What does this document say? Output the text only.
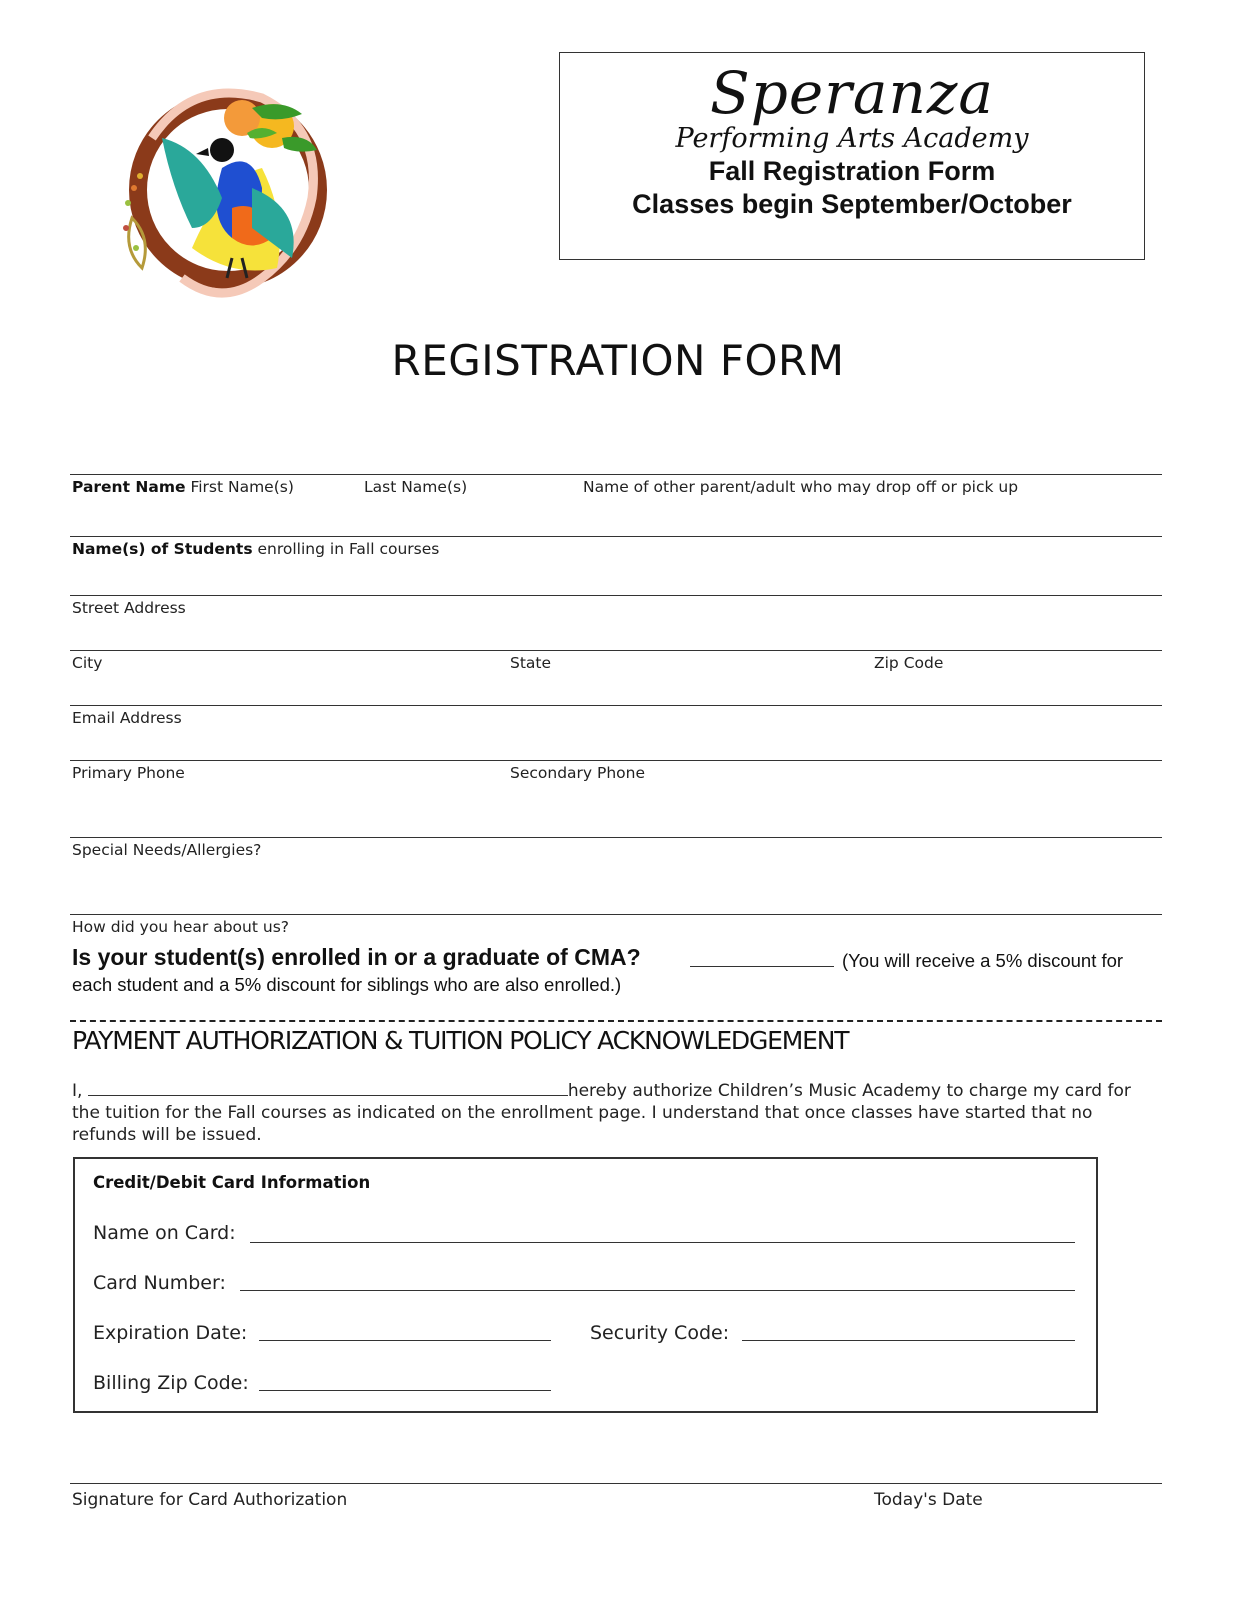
Speranza
Performing Arts Academy
Fall Registration Form
Classes begin September/October
REGISTRATION FORM
Parent Name First Name(s)	Last Name(s)	Name of other parent/adult who may drop off or pick up
Name(s) of Students enrolling in Fall courses
Street Address
City	State	Zip Code
Email Address
Primary Phone	Secondary Phone
Special Needs/Allergies?
How did you hear about us?
Is your student(s) enrolled in or a graduate of CMA?	(You will receive a 5% discount for
each student and a 5% discount for siblings who are also enrolled.)
PAYMENT AUTHORIZATION & TUITION POLICY ACKNOWLEDGEMENT
I,	hereby authorize Children’s Music Academy to charge my card for the tuition for the Fall courses as indicated on the enrollment page. I understand that once classes have started that no refunds will be issued.
Credit/Debit Card Information
Name on Card:
Card Number:
Expiration Date:	Security Code:
Billing Zip Code:
Signature for Card Authorization	Today's Date
